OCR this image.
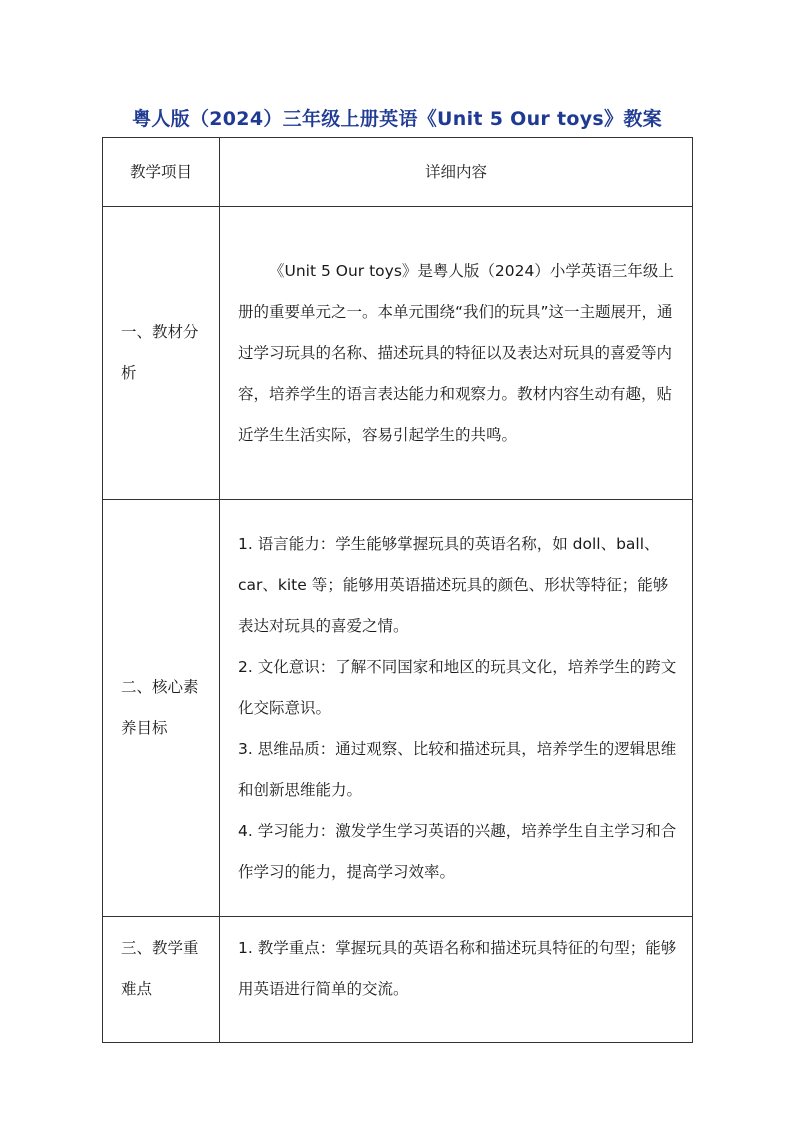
粤人版（2024）三年级上册英语《Unit 5 Our toys》教案
教学项目	详细内容
一、教材分析	《Unit 5 Our toys》是粤人版（2024）小学英语三年级上册的重要单元之一。本单元围绕“我们的玩具”这一主题展开，通过学习玩具的名称、描述玩具的特征以及表达对玩具的喜爱等内容，培养学生的语言表达能力和观察力。教材内容生动有趣，贴近学生生活实际，容易引起学生的共鸣。

二、核心素养目标	1. 语言能力：学生能够掌握玩具的英语名称，如 doll、ball、car、kite 等；能够用英语描述玩具的颜色、形状等特征；能够表达对玩具的喜爱之情。

2. 文化意识：了解不同国家和地区的玩具文化，培养学生的跨文化交际意识。

3. 思维品质：通过观察、比较和描述玩具，培养学生的逻辑思维和创新思维能力。

4. 学习能力：激发学生学习英语的兴趣，培养学生自主学习和合作学习的能力，提高学习效率。

三、教学重难点	1. 教学重点：掌握玩具的英语名称和描述玩具特征的句型；能够用英语进行简单的交流。
